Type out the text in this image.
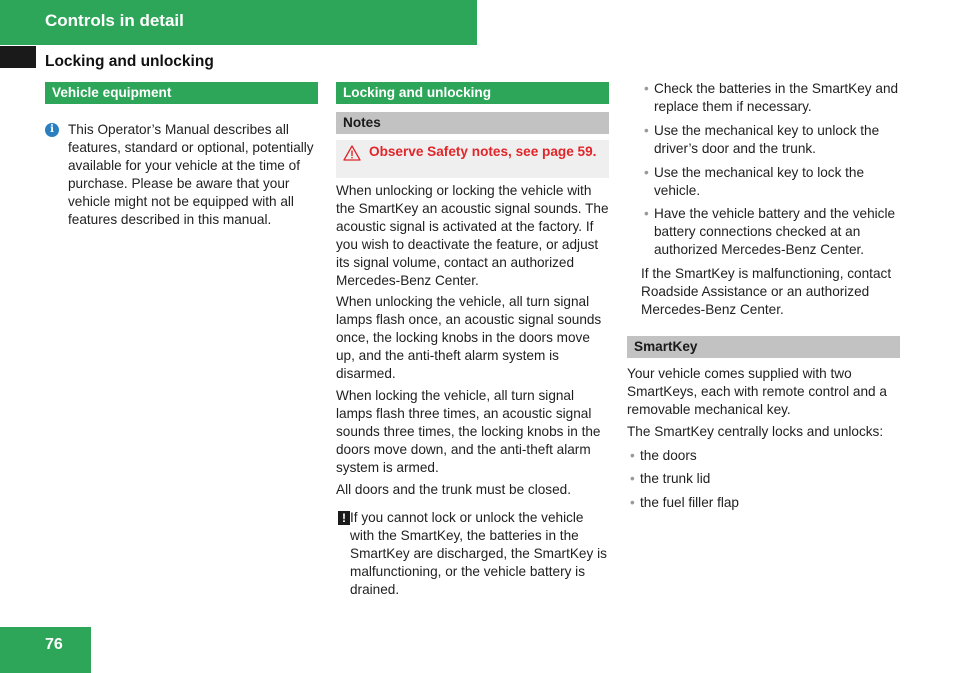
Controls in detail
Locking and unlocking
Vehicle equipment
i	This Operator’s Manual describes all features, standard or optional, potentially available for your vehicle at the time of purchase. Please be aware that your vehicle might not be equipped with all features described in this manual.
Locking and unlocking
Notes
Observe Safety notes, see page 59.

When unlocking or locking the vehicle with the SmartKey an acoustic signal sounds. The acoustic signal is activated at the factory. If you wish to deactivate the feature, or adjust its signal volume, contact an authorized Mercedes-Benz Center.

When unlocking the vehicle, all turn signal lamps flash once, an acoustic signal sounds once, the locking knobs in the doors move up, and the anti-theft alarm system is disarmed.

When locking the vehicle, all turn signal lamps flash three times, an acoustic signal sounds three times, the locking knobs in the doors move down, and the anti-theft alarm system is armed.

All doors and the trunk must be closed.

! If you cannot lock or unlock the vehicle with the SmartKey, the batteries in the SmartKey are discharged, the SmartKey is malfunctioning, or the vehicle battery is drained.
• Check the batteries in the SmartKey and replace them if necessary.
• Use the mechanical key to unlock the driver’s door and the trunk.
• Use the mechanical key to lock the vehicle.
• Have the vehicle battery and the vehicle battery connections checked at an authorized Mercedes-Benz Center.

If the SmartKey is malfunctioning, contact Roadside Assistance or an authorized Mercedes-Benz Center.

SmartKey

Your vehicle comes supplied with two SmartKeys, each with remote control and a removable mechanical key.

The SmartKey centrally locks and unlocks:

• the doors
• the trunk lid
• the fuel filler flap
76
